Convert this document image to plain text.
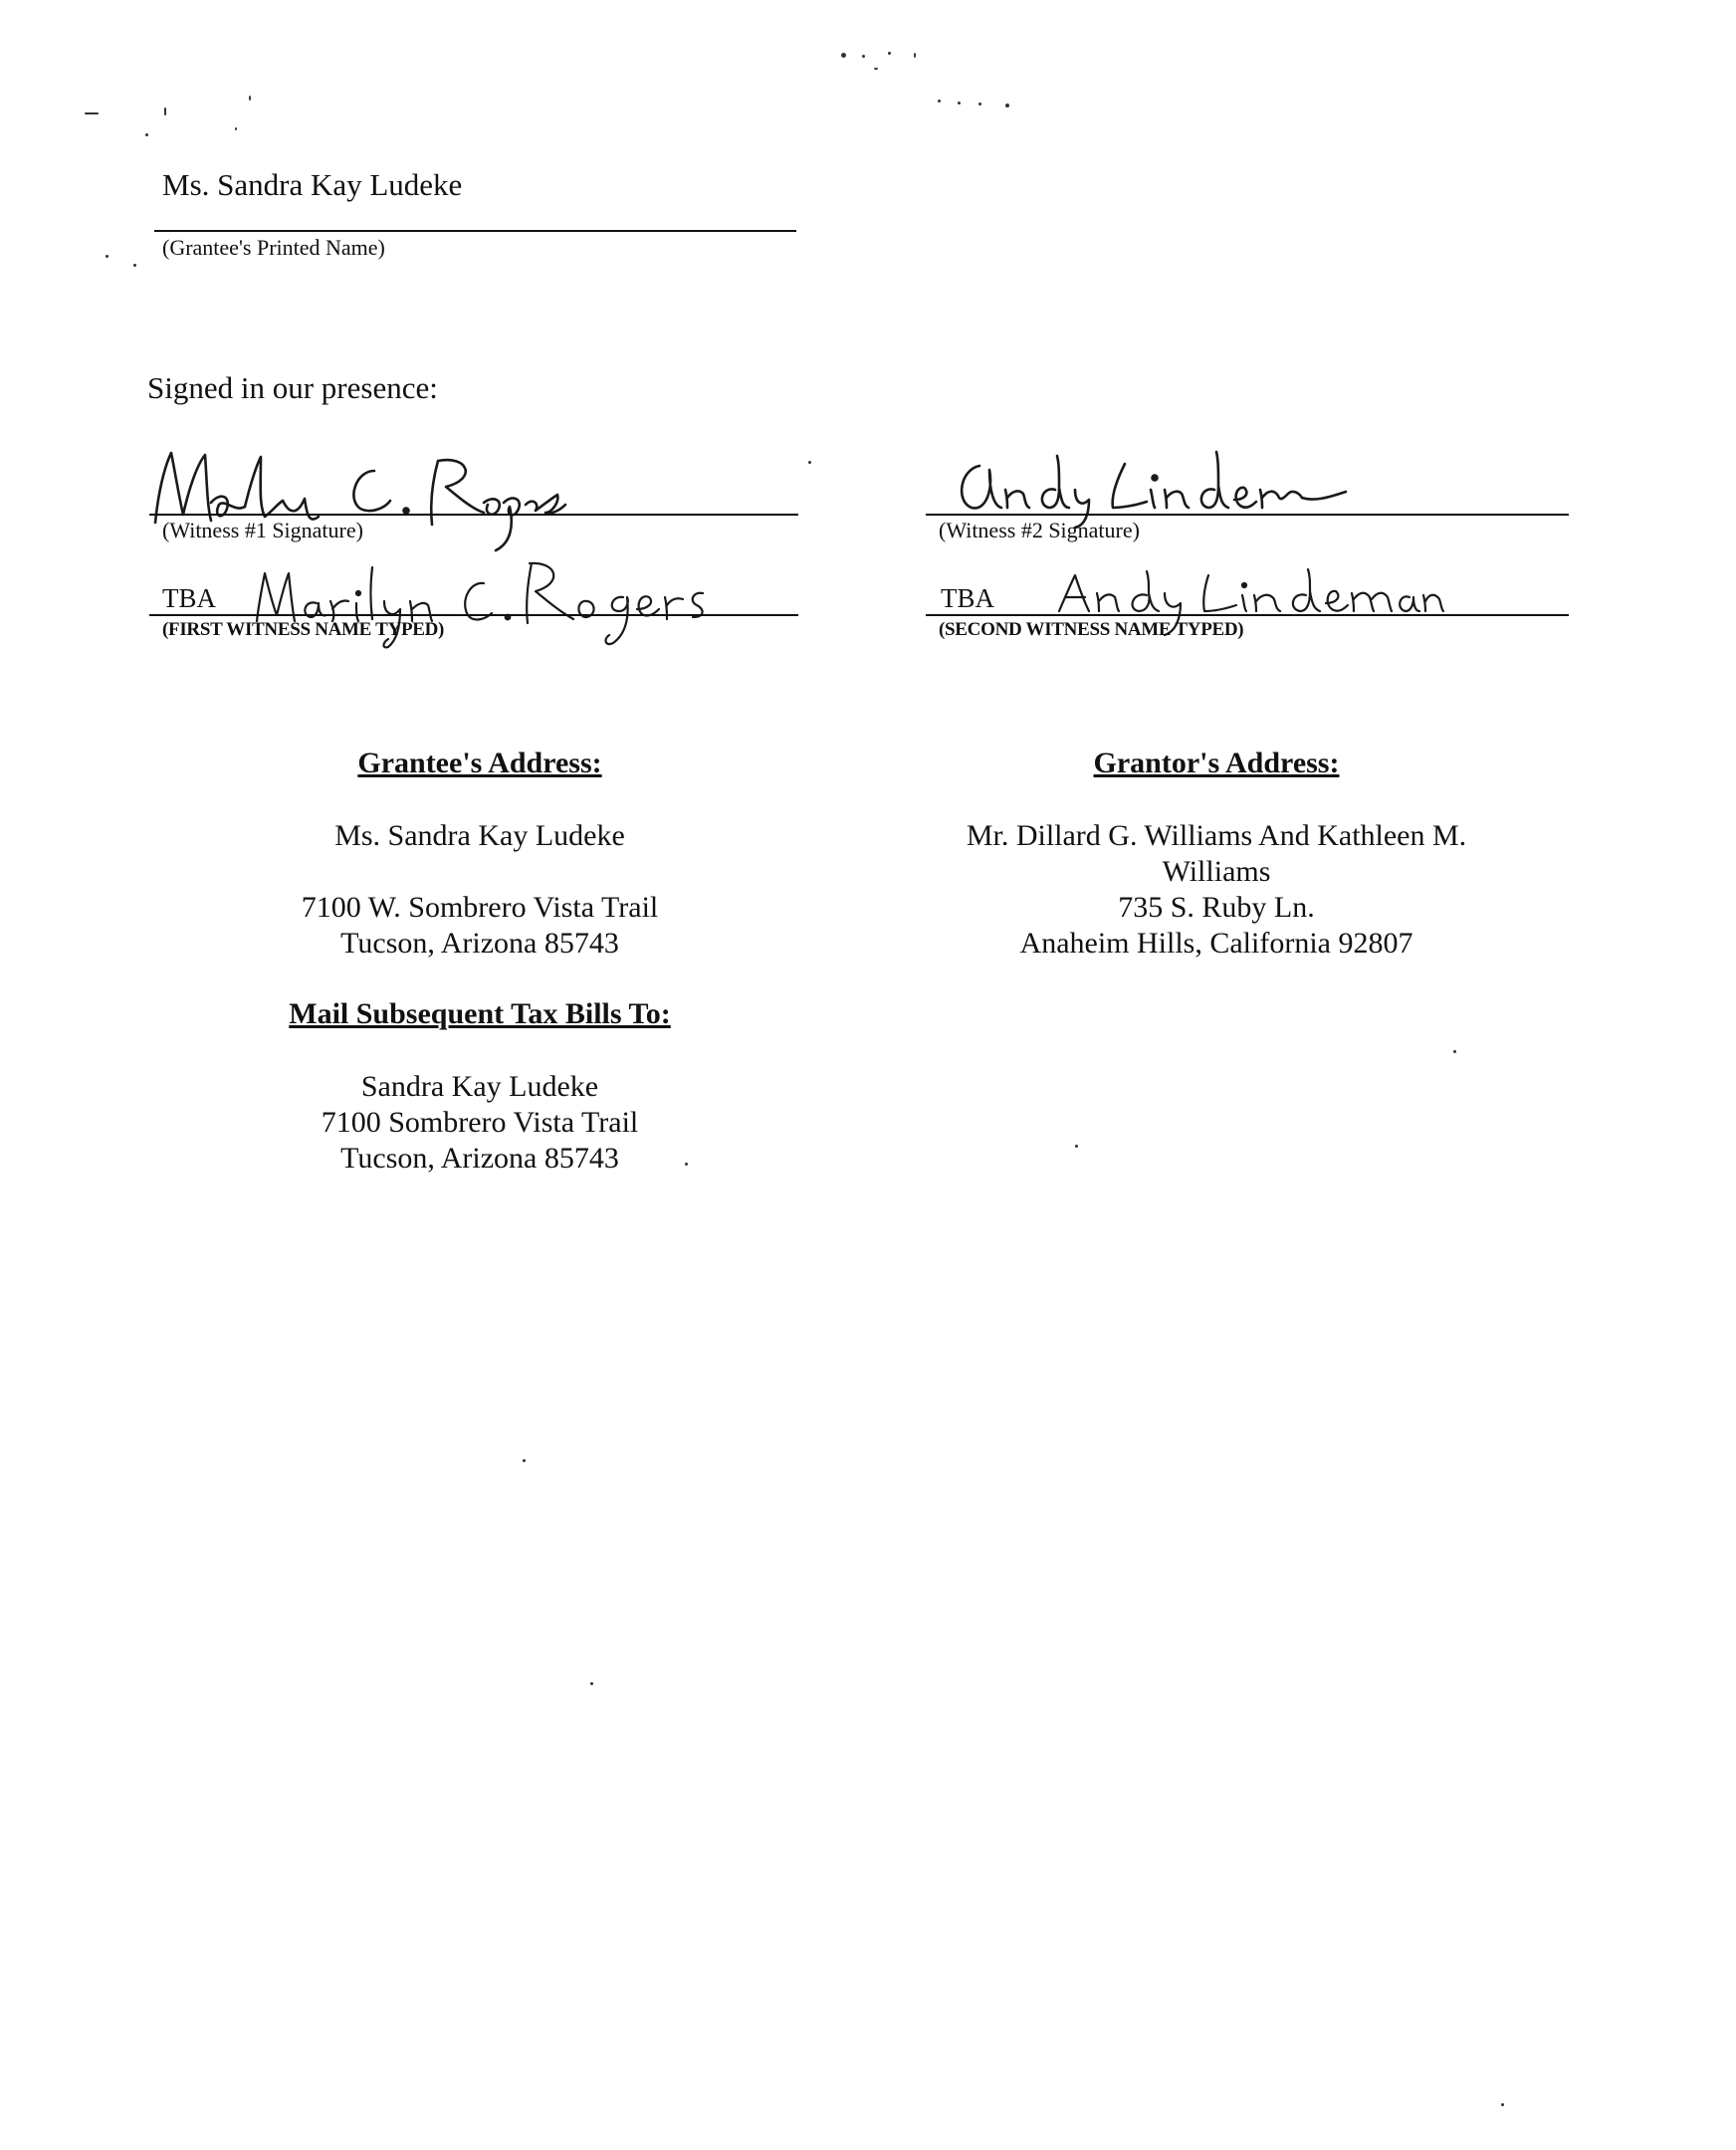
Ms. Sandra Kay Ludeke
(Grantee's Printed Name)
Signed in our presence:
(Witness #1 Signature)
TBA
(FIRST WITNESS NAME TYPED)
(Witness #2 Signature)
TBA
(SECOND WITNESS NAME TYPED)
Grantee's Address:
Ms. Sandra Kay Ludeke
7100 W. Sombrero Vista Trail
Tucson, Arizona 85743
Grantor's Address:
Mr. Dillard G. Williams And Kathleen M.
Williams
735 S. Ruby Ln.
Anaheim Hills, California 92807
Mail Subsequent Tax Bills To:
Sandra Kay Ludeke
7100 Sombrero Vista Trail
Tucson, Arizona 85743
